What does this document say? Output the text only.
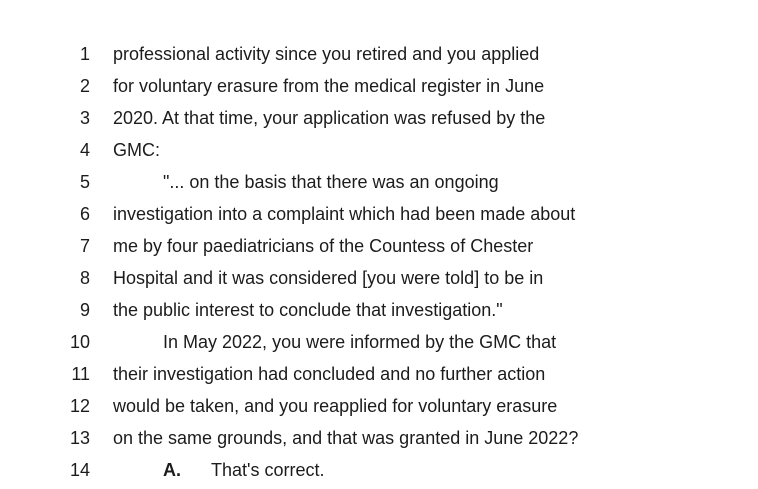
1 professional activity since you retired and you applied
2 for voluntary erasure from the medical register in June
3 2020. At that time, your application was refused by the
4 GMC:
5	"... on the basis that there was an ongoing
6 investigation into a complaint which had been made about
7 me by four paediatricians of the Countess of Chester
8 Hospital and it was considered [you were told] to be in
9 the public interest to conclude that investigation."
10	In May 2022, you were informed by the GMC that
11 their investigation had concluded and no further action
12 would be taken, and you reapplied for voluntary erasure
13 on the same grounds, and that was granted in June 2022?
14	A. That's correct.
